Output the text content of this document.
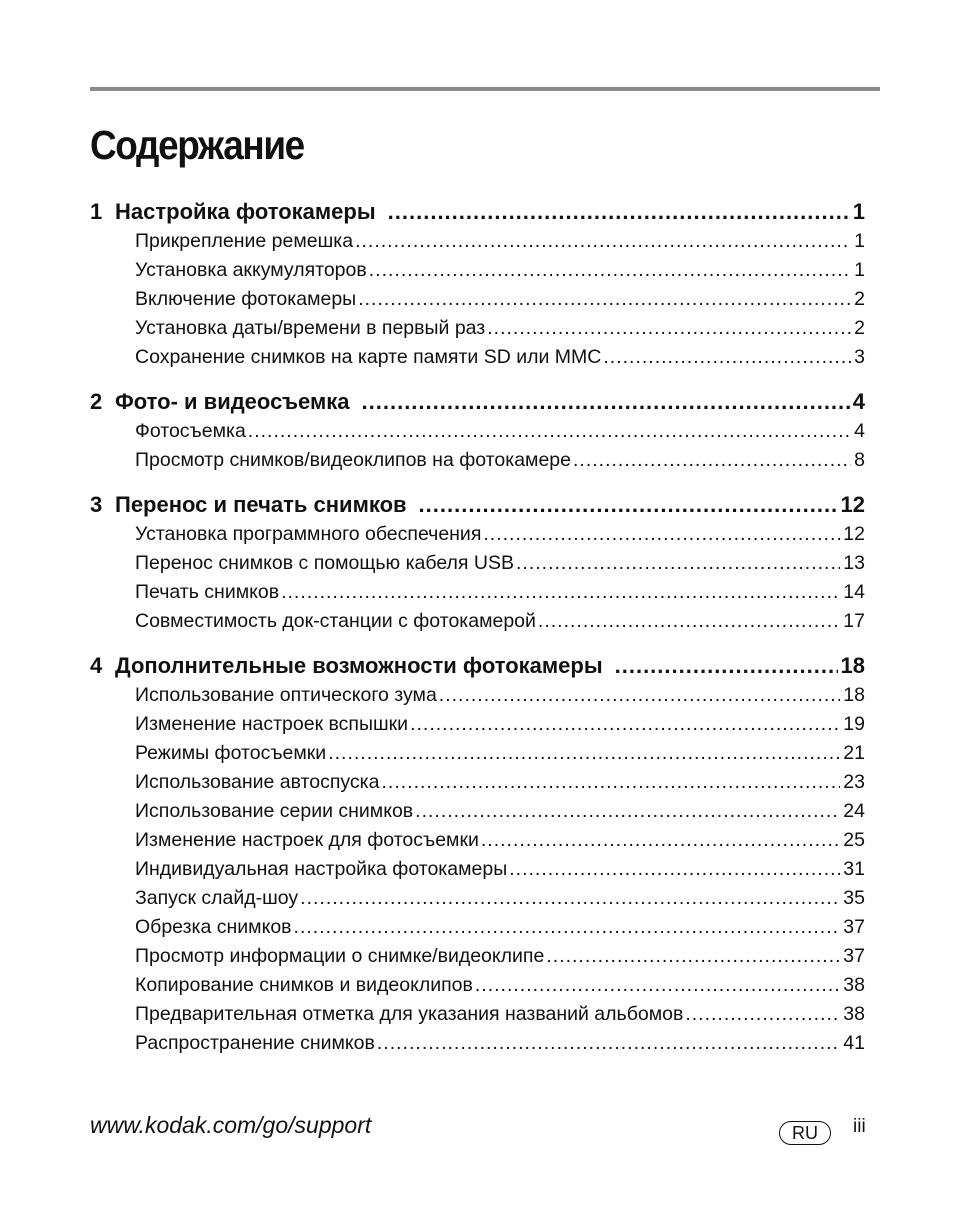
Содержание
1 Настройка фотокамеры .....	1
Прикрепление ремешка .....	1
Установка аккумуляторов .....	1
Включение фотокамеры .....	2
Установка даты/времени в первый раз .....	2
Сохранение снимков на карте памяти SD или MMC .....	3
2 Фото- и видеосъемка .....	4
Фотосъемка .....	4
Просмотр снимков/видеоклипов на фотокамере .....	8
3 Перенос и печать снимков .....	12
Установка программного обеспечения .....	12
Перенос снимков с помощью кабеля USB .....	13
Печать снимков .....	14
Совместимость док-станции с фотокамерой .....	17
4 Дополнительные возможности фотокамеры .....	18
Использование оптического зума .....	18
Изменение настроек вспышки .....	19
Режимы фотосъемки .....	21
Использование автоспуска .....	23
Использование серии снимков .....	24
Изменение настроек для фотосъемки .....	25
Индивидуальная настройка фотокамеры .....	31
Запуск слайд-шоу .....	35
Обрезка снимков .....	37
Просмотр информации о снимке/видеоклипе .....	37
Копирование снимков и видеоклипов .....	38
Предварительная отметка для указания названий альбомов .....	38
Распространение снимков .....	41
www.kodak.com/go/support	RU iii
